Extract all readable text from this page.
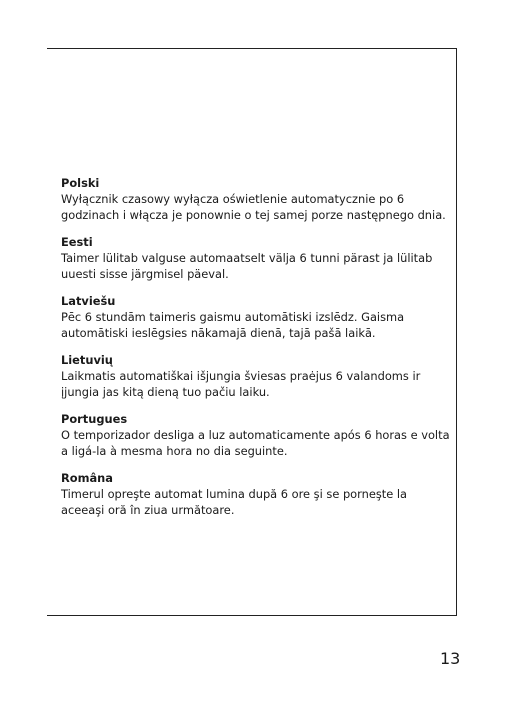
Polski

Wyłącznik czasowy wyłącza oświetlenie automatycznie po 6 godzinach i włącza je ponownie o tej samej porze następnego dnia.

Eesti

Taimer lülitab valguse automaatselt välja 6 tunni pärast ja lülitab uuesti sisse järgmisel päeval.

Latviešu

Pēc 6 stundām taimeris gaismu automātiski izslēdz. Gaisma automātiski ieslēgsies nākamajā dienā, tajā pašā laikā.

Lietuvių

Laikmatis automatiškai išjungia šviesas praėjus 6 valandoms ir įjungia jas kitą dieną tuo pačiu laiku.

Portugues

O temporizador desliga a luz automaticamente após 6 horas e volta a ligá-la à mesma hora no dia seguinte.

Româna

Timerul opreşte automat lumina după 6 ore şi se porneşte la aceeaşi oră în ziua următoare.

13
